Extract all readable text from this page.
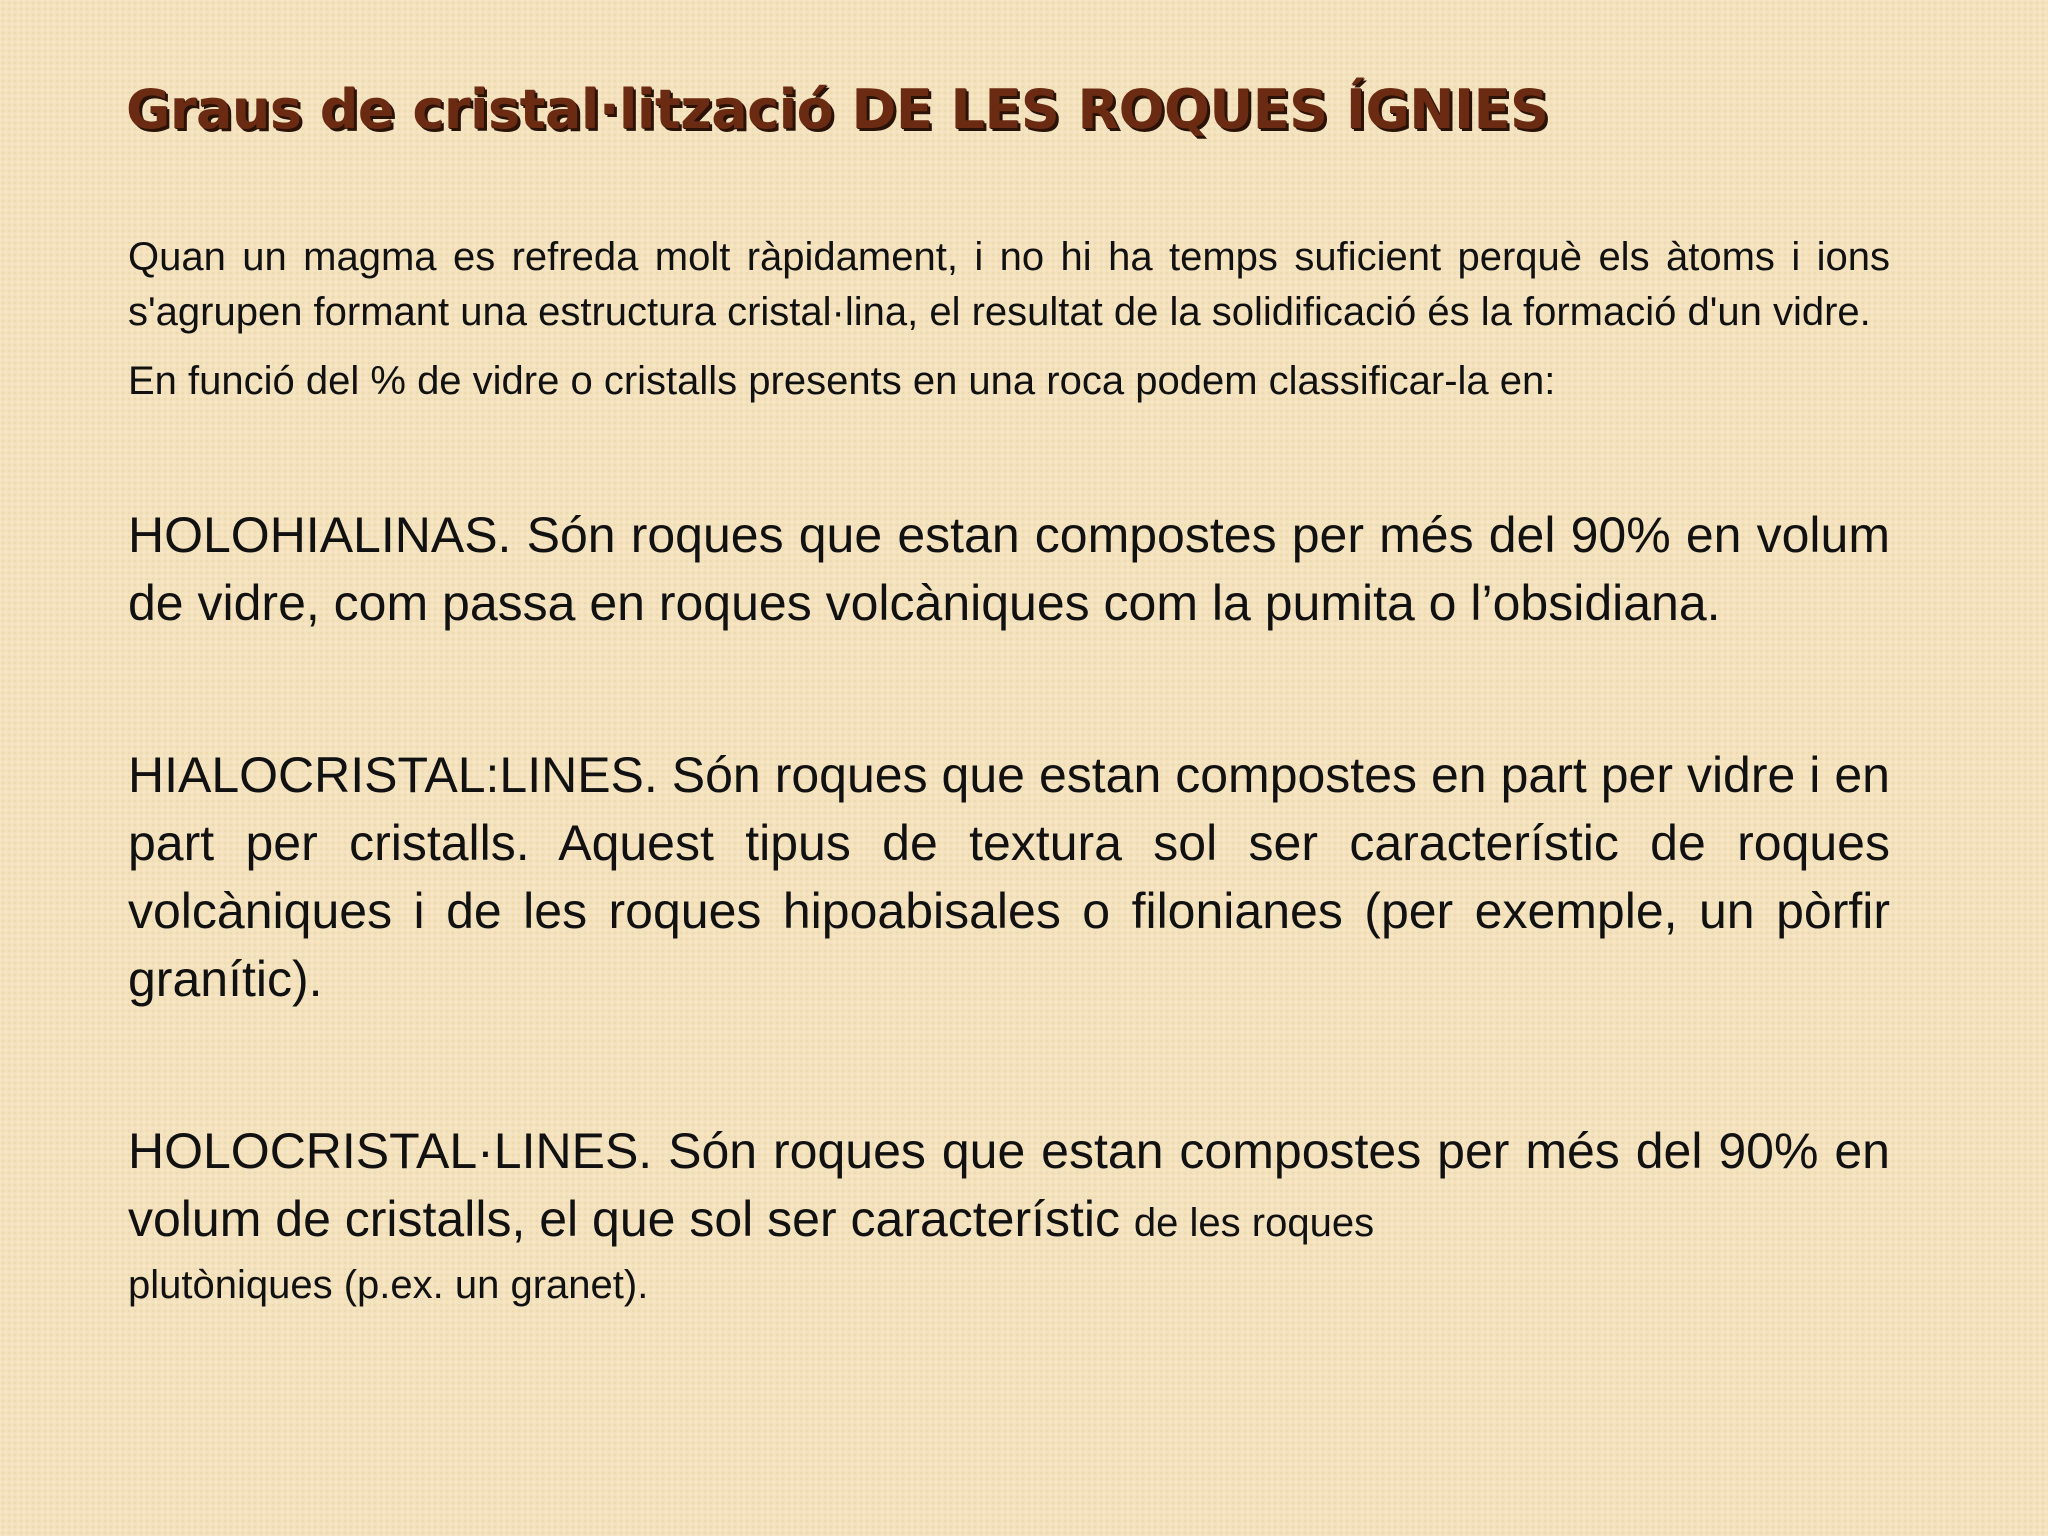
Graus de cristal·lització DE LES ROQUES ÍGNIES

Quan un magma es refreda molt ràpidament, i no hi ha temps suficient perquè els àtoms i ions s'agrupen formant una estructura cristal·lina, el resultat de la solidificació és la formació d'un vidre.

En funció del % de vidre o cristalls presents en una roca podem classificar-la en:

HOLOHIALINAS. Són roques que estan compostes per més del 90% en volum de vidre, com passa en roques volcàniques com la pumita o l’obsidiana.

HIALOCRISTAL:LINES. Són roques que estan compostes en part per vidre i en part per cristalls. Aquest tipus de textura sol ser característic de roques volcàniques i de les roques hipoabisales o filonianes (per exemple, un pòrfir granític).

HOLOCRISTAL·LINES. Són roques que estan compostes per més del 90% en volum de cristalls, el que sol ser característic de les roques

plutòniques (p.ex. un granet).
